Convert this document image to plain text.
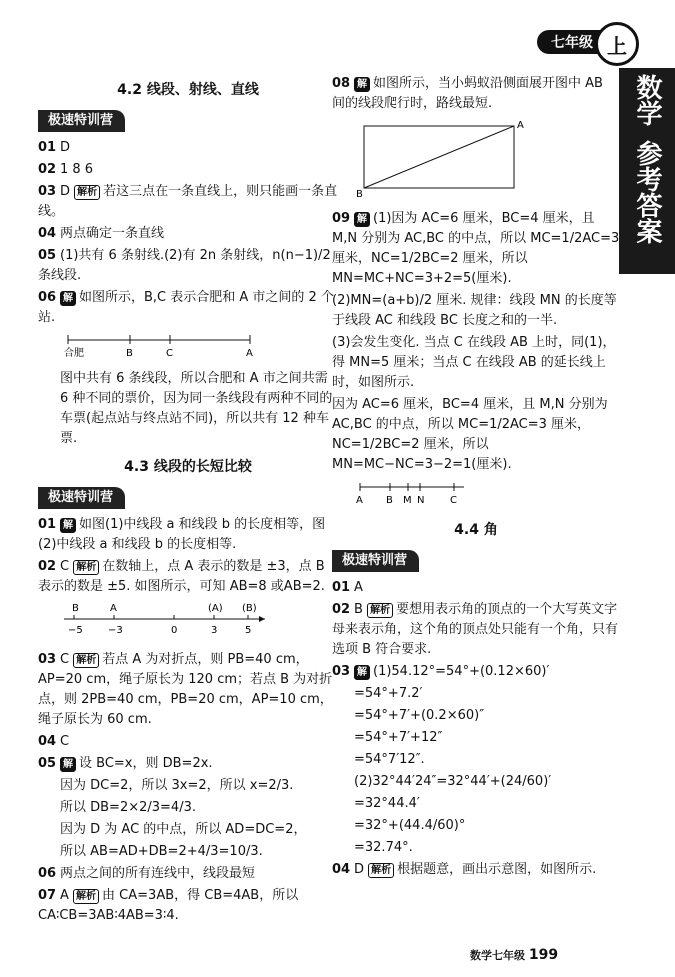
七年级 上
数学
参考答案
4.2 线段、射线、直线
极速特训营
01 D
02 1 8 6
03 D 解析 若这三点在一条直线上，则只能画一条直线。
04 两点确定一条直线
05 (1)共有 6 条射线.(2)有 2n 条射线，n(n−1)/2 条线段.
06 解 如图所示，B,C 表示合肥和 A 市之间的 2 个站.
合肥	B	C	A
图中共有 6 条线段，所以合肥和 A 市之间共需 6 种不同的票价，因为同一条线段有两种不同的车票(起点站与终点站不同)，所以共有 12 种车票.
4.3 线段的长短比较
极速特训营
01 解 如图(1)中线段 a 和线段 b 的长度相等，图(2)中线段 a 和线段 b 的长度相等.
02 C 解析 在数轴上，点 A 表示的数是 ±3，点 B 表示的数是 ±5. 如图所示，可知 AB=8 或AB=2.
B	A	(A) (B)
−5	−3	0	3	5
03 C 解析 若点 A 为对折点，则 PB=40 cm，AP=20 cm，绳子原长为 120 cm；若点 B 为对折点，则 2PB=40 cm，PB=20 cm，AP=10 cm，绳子原长为 60 cm.
04 C
05 解 设 BC=x，则 DB=2x.
因为 DC=2，所以 3x=2，所以 x=2/3.
所以 DB=2×2/3=4/3.
因为 D 为 AC 的中点，所以 AD=DC=2，
所以 AB=AD+DB=2+4/3=10/3.
06 两点之间的所有连线中，线段最短
07 A 解析 由 CA=3AB，得 CB=4AB，所以 CA∶CB=3AB∶4AB=3∶4.
08 解 如图所示，当小蚂蚁沿侧面展开图中 AB 间的线段爬行时，路线最短.
A
B
09 解 (1)因为 AC=6 厘米，BC=4 厘米，且 M,N 分别为 AC,BC 的中点，所以 MC=1/2AC=3 厘米，NC=1/2BC=2 厘米，所以 MN=MC+NC=3+2=5(厘米).
(2)MN=(a+b)/2 厘米. 规律：线段 MN 的长度等于线段 AC 和线段 BC 长度之和的一半.
(3)会发生变化. 当点 C 在线段 AB 上时，同(1)，得 MN=5 厘米；当点 C 在线段 AB 的延长线上时，如图所示.
因为 AC=6 厘米，BC=4 厘米，且 M,N 分别为 AC,BC 的中点，所以 MC=1/2AC=3 厘米，NC=1/2BC=2 厘米，所以 MN=MC−NC=3−2=1(厘米).
A B M N	C
4.4 角
极速特训营
01 A
02 B 解析 要想用表示角的顶点的一个大写英文字母来表示角，这个角的顶点处只能有一个角，只有选项 B 符合要求.
03 解 (1)54.12°=54°+(0.12×60)′
=54°+7.2′
=54°+7′+(0.2×60)″
=54°+7′+12″
=54°7′12″.
(2)32°44′24″=32°44′+(24/60)′
=32°44.4′
=32°+(44.4/60)°
=32.74°.
04 D 解析 根据题意，画出示意图，如图所示.
数学七年级 199
